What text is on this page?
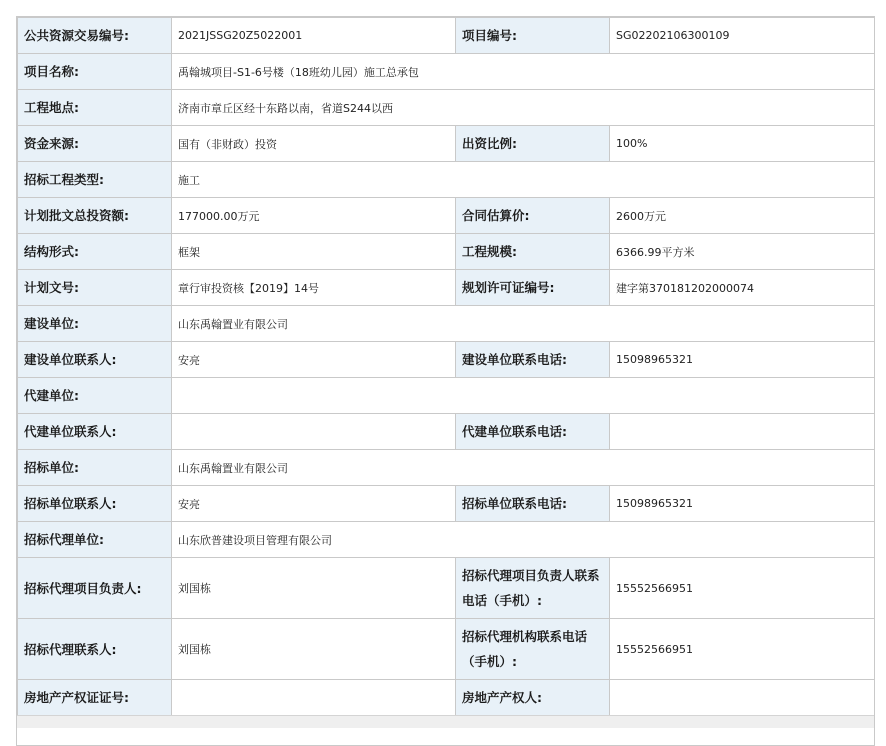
公共资源交易编号:	2021JSSG20Z5022001	项目编号:	SG02202106300109
项目名称:	禹翰城项目-S1-6号楼（18班幼儿园）施工总承包		
工程地点:	济南市章丘区经十东路以南，省道S244以西		
资金来源:	国有（非财政）投资	出资比例:	100%
招标工程类型:	施工		
计划批文总投资额:	177000.00万元	合同估算价:	2600万元
结构形式:	框架	工程规模:	6366.99平方米
计划文号:	章行审投资核【2019】14号	规划许可证编号:	建字第370181202000074
建设单位:	山东禹翰置业有限公司		
建设单位联系人:	安亮	建设单位联系电话:	15098965321
代建单位:			
代建单位联系人:		代建单位联系电话:	
招标单位:	山东禹翰置业有限公司		
招标单位联系人:	安亮	招标单位联系电话:	15098965321
招标代理单位:	山东欣普建设项目管理有限公司		
招标代理项目负责人:	刘国栋	招标代理项目负责人联系电话（手机）:	15552566951
招标代理联系人:	刘国栋	招标代理机构联系电话（手机）:	15552566951
房地产产权证证号:		房地产产权人:	
